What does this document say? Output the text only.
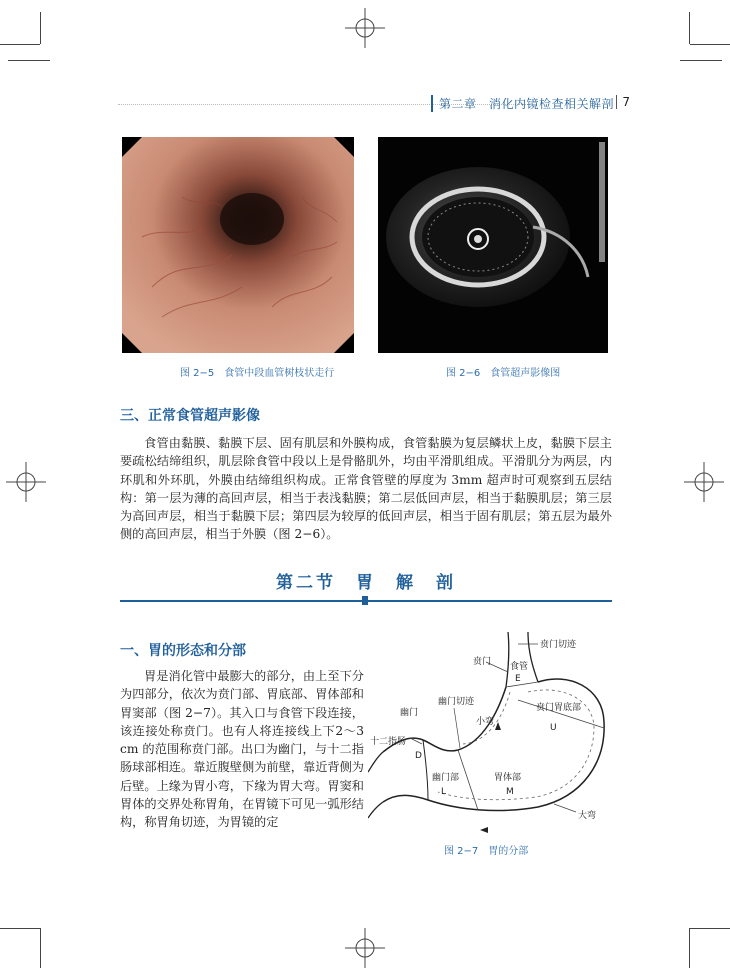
第二章　消化内镜检查相关解剖 7
图 2−5　食管中段血管树枝状走行	图 2−6　食管超声影像图
三、正常食管超声影像
食管由黏膜、黏膜下层、固有肌层和外膜构成，食管黏膜为复层鳞状上皮，黏膜下层主要疏松结缔组织，肌层除食管中段以上是骨骼肌外，均由平滑肌组成。平滑肌分为两层，内环肌和外环肌，外膜由结缔组织构成。正常食管壁的厚度为 3mm 超声时可观察到五层结构：第一层为薄的高回声层，相当于表浅黏膜；第二层低回声层，相当于黏膜肌层；第三层为高回声层，相当于黏膜下层；第四层为较厚的低回声层，相当于固有肌层；第五层为最外侧的高回声层，相当于外膜（图 2−6）。
第二节　胃　解　剖
一、胃的形态和分部
胃是消化管中最膨大的部分，由上至下分为四部分，依次为贲门部、胃底部、胃体部和胃窦部（图 2−7）。其入口与食管下段连接，该连接处称贲门。也有人将连接线上下2～3 cm 的范围称贲门部。出口为幽门，与十二指肠球部相连。靠近腹壁侧为前壁，靠近背侧为后壁。上缘为胃小弯，下缘为胃大弯。胃窦和胃体的交界处称胃角，在胃镜下可见一弧形结构，称胃角切迹，为胃镜的定
贲门切迹
贲门 食管
E
贲门胃底部
U
幽门
幽门切迹
小弯
十二指肠
D
幽门部
L
胃体部
M
大弯
图 2−7　胃的分部
